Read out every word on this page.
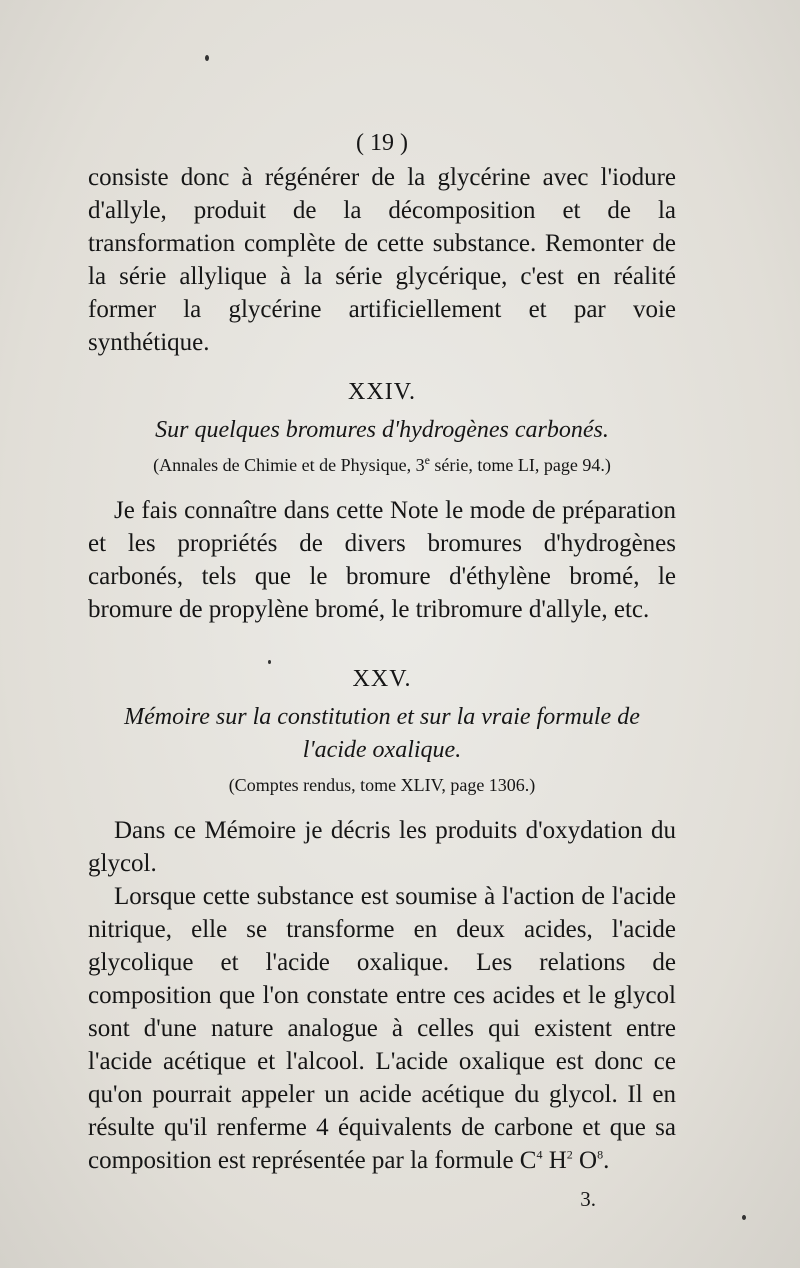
( 19 )

consiste donc à régénérer de la glycérine avec l'iodure d'allyle, produit de la décomposition et de la transformation complète de cette substance. Remonter de la série allylique à la série glycérique, c'est en réalité former la glycérine artificiellement et par voie synthétique.

XXIV.
Sur quelques bromures d'hydrogènes carbonés.
(Annales de Chimie et de Physique, 3e série, tome LI, page 94.)

Je fais connaître dans cette Note le mode de préparation et les propriétés de divers bromures d'hydrogènes carbonés, tels que le bromure d'éthylène bromé, le bromure de propylène bromé, le tribromure d'allyle, etc.

XXV.
Mémoire sur la constitution et sur la vraie formule de l'acide oxalique.
(Comptes rendus, tome XLIV, page 1306.)

Dans ce Mémoire je décris les produits d'oxydation du glycol.

Lorsque cette substance est soumise à l'action de l'acide nitrique, elle se transforme en deux acides, l'acide glycolique et l'acide oxalique. Les relations de composition que l'on constate entre ces acides et le glycol sont d'une nature analogue à celles qui existent entre l'acide acétique et l'alcool. L'acide oxalique est donc ce qu'on pourrait appeler un acide acétique du glycol. Il en résulte qu'il renferme 4 équivalents de carbone et que sa composition est représentée par la formule $C^4$ $H^2$ $O^8$.

3.
